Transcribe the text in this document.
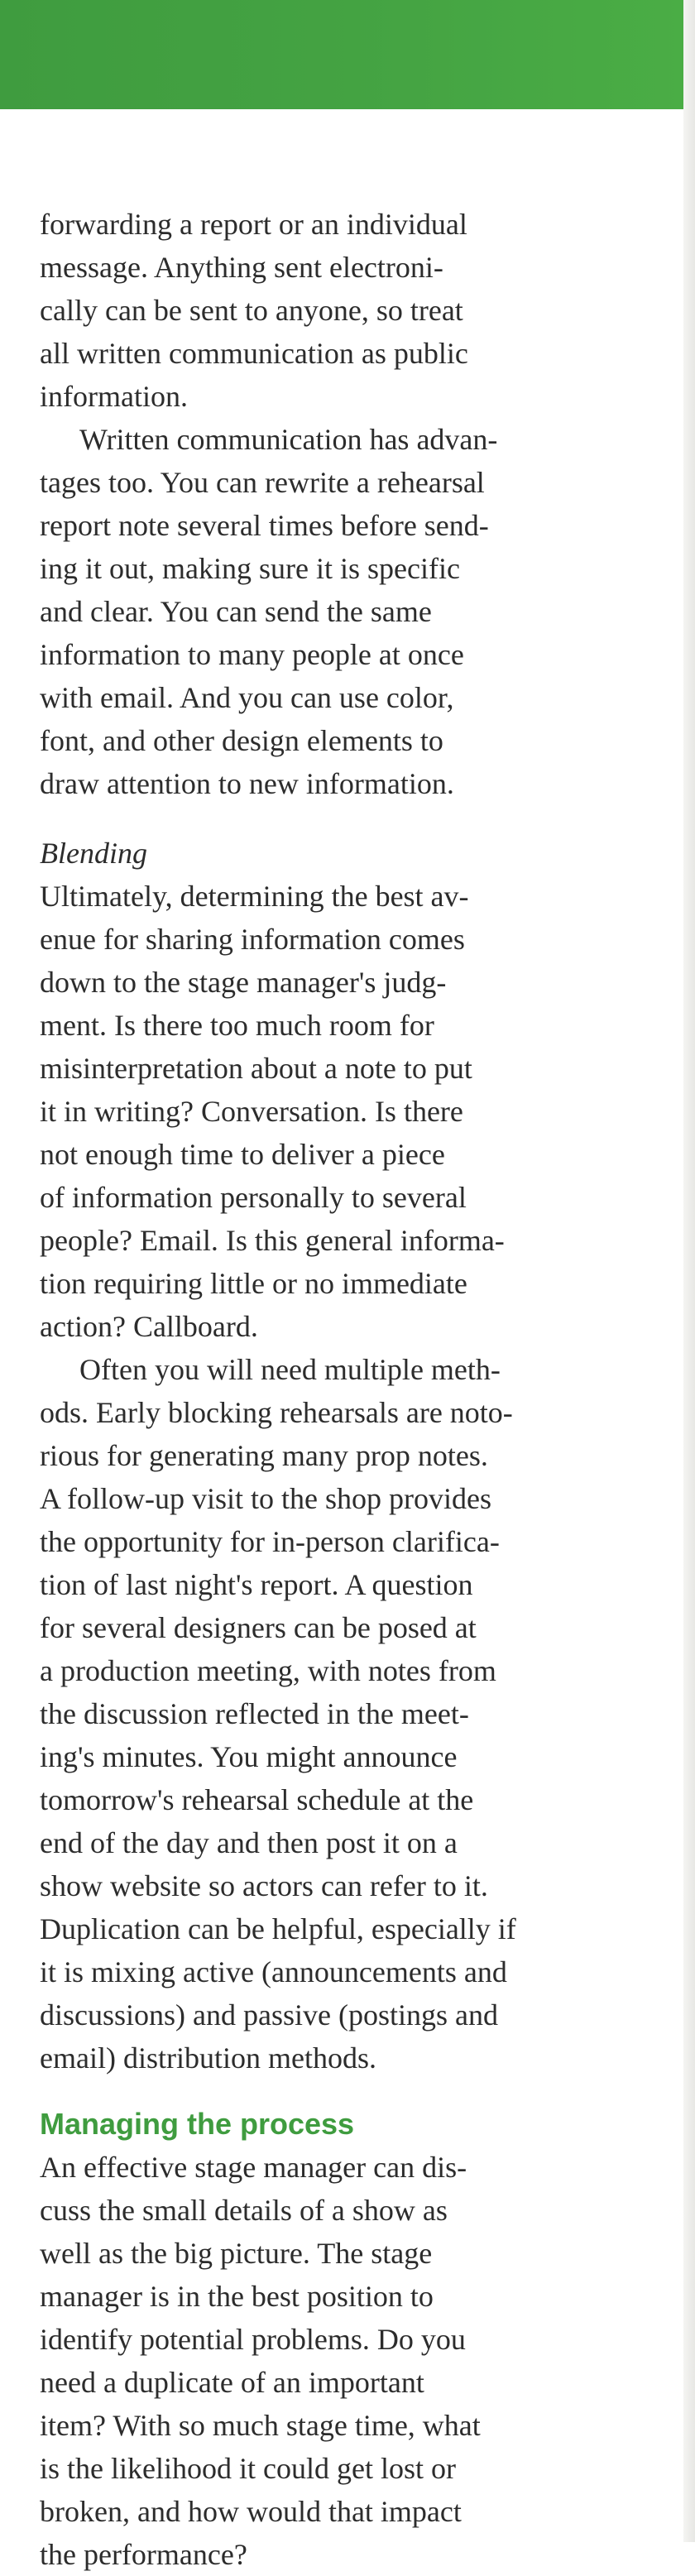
forwarding a report or an individual
message. Anything sent electroni-
cally can be sent to anyone, so treat
all written communication as public
information.

Written communication has advan-
tages too. You can rewrite a rehearsal
report note several times before send-
ing it out, making sure it is specific
and clear. You can send the same
information to many people at once
with email. And you can use color,
font, and other design elements to
draw attention to new information.

Blending

Ultimately, determining the best av-
enue for sharing information comes
down to the stage manager's judg-
ment. Is there too much room for
misinterpretation about a note to put
it in writing? Conversation. Is there
not enough time to deliver a piece
of information personally to several
people? Email. Is this general informa-
tion requiring little or no immediate
action? Callboard.

Often you will need multiple meth-
ods. Early blocking rehearsals are noto-
rious for generating many prop notes.
A follow-up visit to the shop provides
the opportunity for in-person clarifica-
tion of last night's report. A question
for several designers can be posed at
a production meeting, with notes from
the discussion reflected in the meet-
ing's minutes. You might announce
tomorrow's rehearsal schedule at the
end of the day and then post it on a
show website so actors can refer to it.
Duplication can be helpful, especially if
it is mixing active (announcements and
discussions) and passive (postings and
email) distribution methods.

Managing the process

An effective stage manager can dis-
cuss the small details of a show as
well as the big picture. The stage
manager is in the best position to
identify potential problems. Do you
need a duplicate of an important
item? With so much stage time, what
is the likelihood it could get lost or
broken, and how would that impact
the performance?
